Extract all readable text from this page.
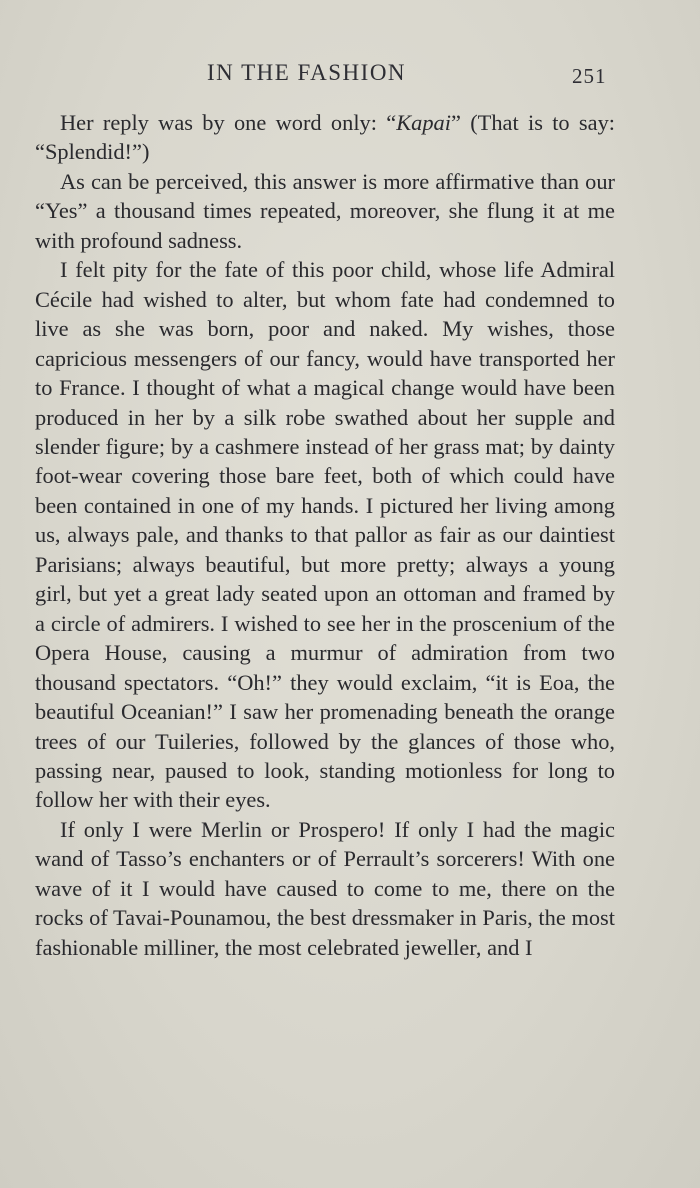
IN THE FASHION	251

Her reply was by one word only: “Kapai” (That is to say: “Splendid!”)

As can be perceived, this answer is more affirmative than our “Yes” a thousand times repeated, moreover, she flung it at me with profound sadness.

I felt pity for the fate of this poor child, whose life Admiral Cécile had wished to alter, but whom fate had condemned to live as she was born, poor and naked. My wishes, those capricious messengers of our fancy, would have transported her to France. I thought of what a magical change would have been produced in her by a silk robe swathed about her supple and slender figure; by a cashmere instead of her grass mat; by dainty foot-wear covering those bare feet, both of which could have been contained in one of my hands. I pictured her living among us, always pale, and thanks to that pallor as fair as our daintiest Parisians; always beautiful, but more pretty; always a young girl, but yet a great lady seated upon an ottoman and framed by a circle of admirers. I wished to see her in the proscenium of the Opera House, causing a murmur of admiration from two thousand spectators. “Oh!” they would exclaim, “it is Eoa, the beautiful Oceanian!” I saw her promenading beneath the orange trees of our Tuileries, followed by the glances of those who, passing near, paused to look, standing motionless for long to follow her with their eyes.

If only I were Merlin or Prospero! If only I had the magic wand of Tasso’s enchanters or of Perrault’s sorcerers! With one wave of it I would have caused to come to me, there on the rocks of Tavai-Pounamou, the best dressmaker in Paris, the most fashionable milliner, the most celebrated jeweller, and I
